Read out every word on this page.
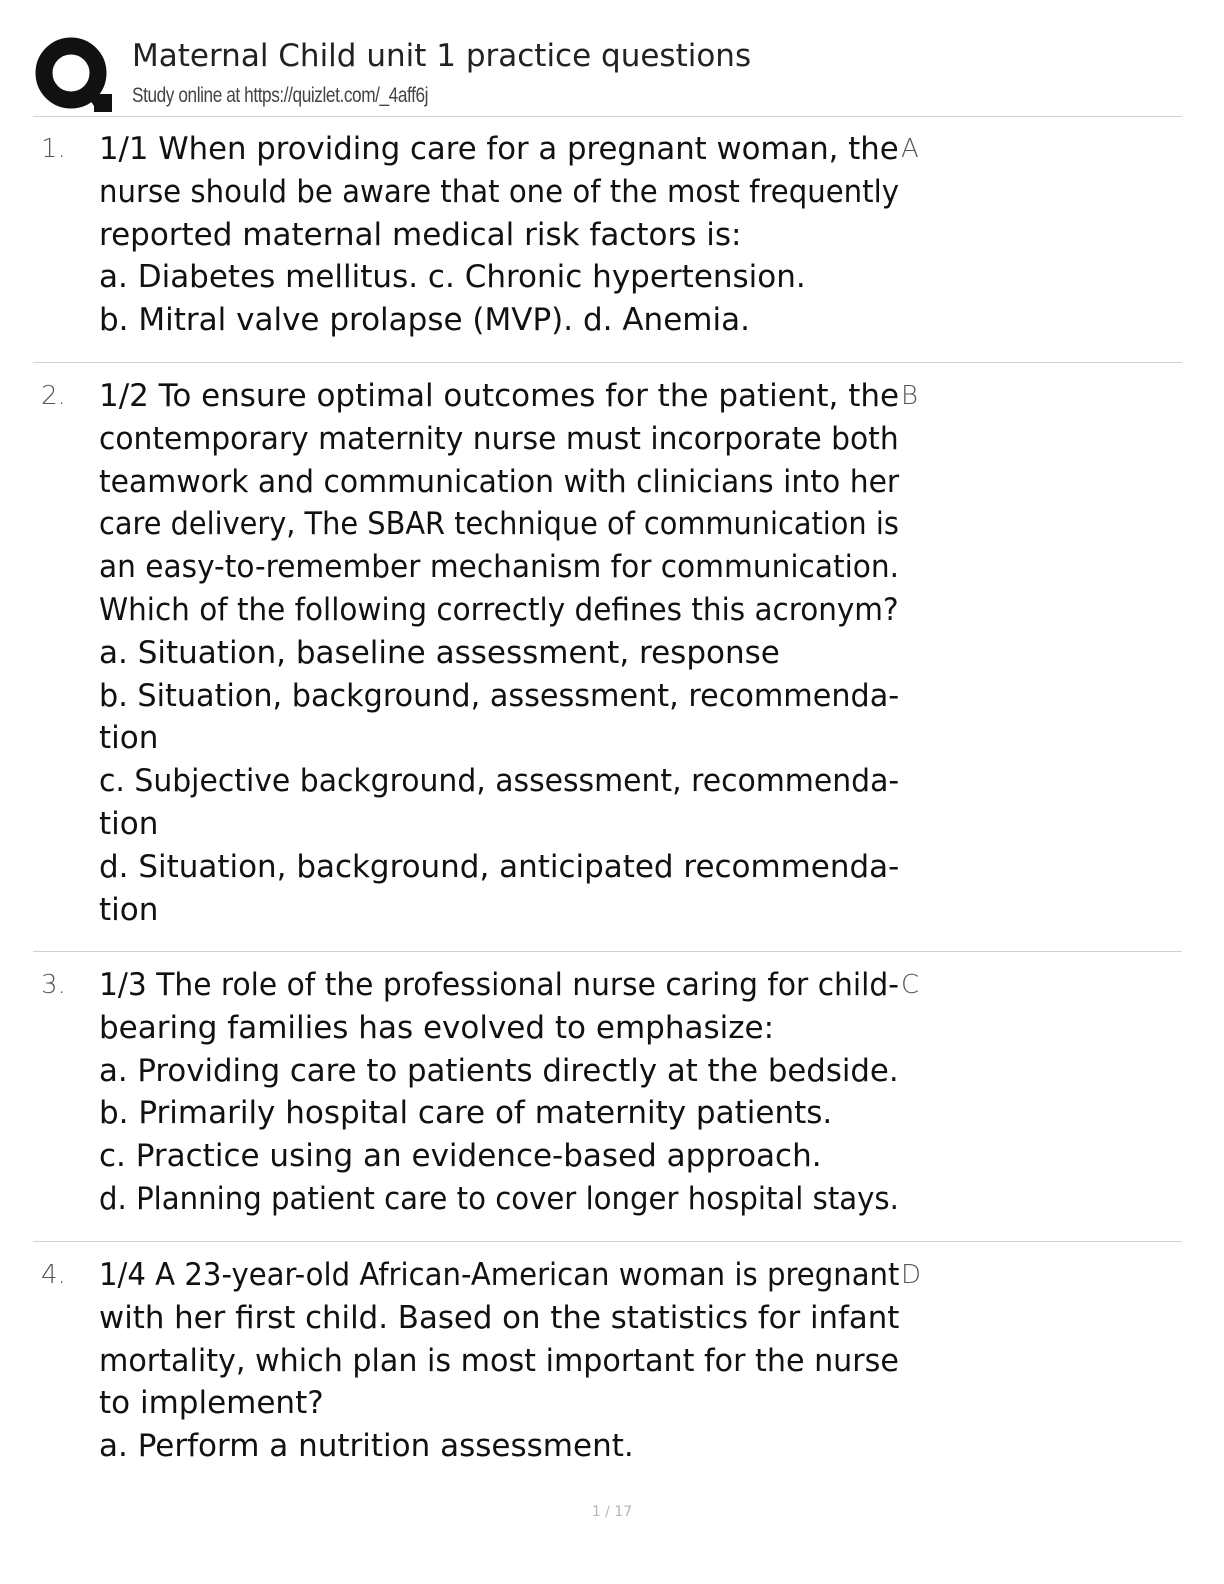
Maternal Child unit 1 practice questions
Study online at https://quizlet.com/_4aff6j
1. 1/1 When providing care for a pregnant woman, the
nurse should be aware that one of the most frequently
reported maternal medical risk factors is:
a. Diabetes mellitus. c. Chronic hypertension.
b. Mitral valve prolapse (MVP). d. Anemia.
A
2. 1/2 To ensure optimal outcomes for the patient, the
contemporary maternity nurse must incorporate both
teamwork and communication with clinicians into her
care delivery, The SBAR technique of communication is
an easy-to-remember mechanism for communication.
Which of the following correctly defines this acronym?
a. Situation, baseline assessment, response
b. Situation, background, assessment, recommenda-
tion
c. Subjective background, assessment, recommenda-
tion
d. Situation, background, anticipated recommenda-
tion
B
3. 1/3 The role of the professional nurse caring for child-
bearing families has evolved to emphasize:
a. Providing care to patients directly at the bedside.
b. Primarily hospital care of maternity patients.
c. Practice using an evidence-based approach.
d. Planning patient care to cover longer hospital stays.
C
4. 1/4 A 23-year-old African-American woman is pregnant
with her first child. Based on the statistics for infant
mortality, which plan is most important for the nurse
to implement?
a. Perform a nutrition assessment.
D
1 / 17
